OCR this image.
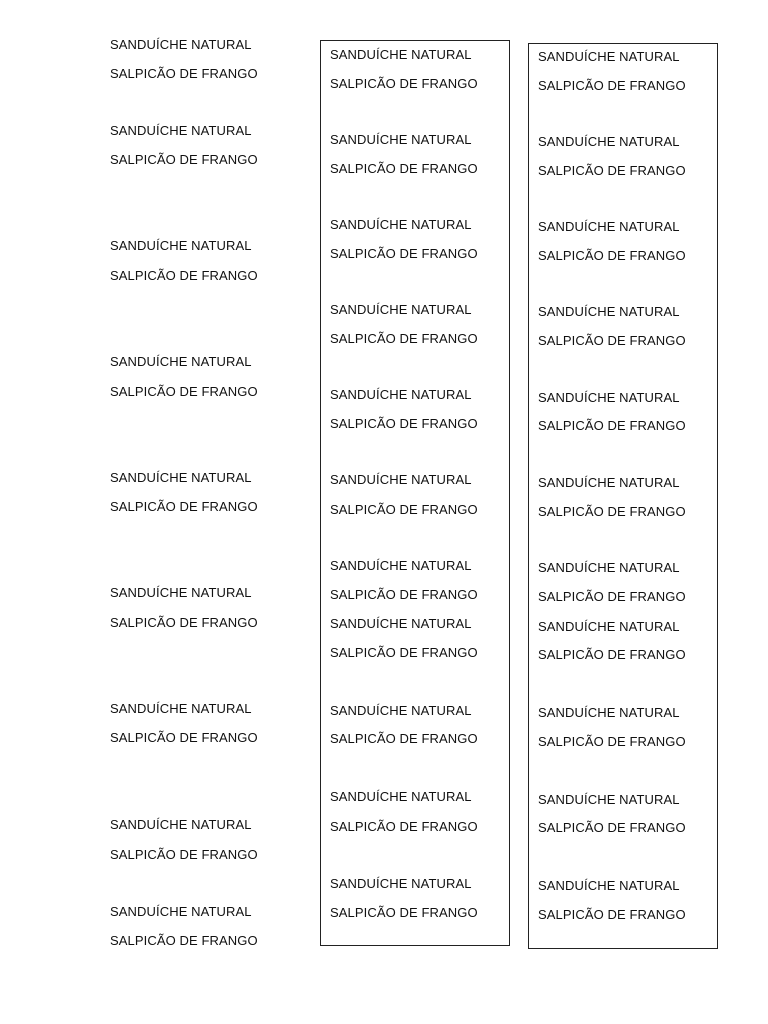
SANDUÍCHE NATURAL
SALPICÃO DE FRANGO
SANDUÍCHE NATURAL
SALPICÃO DE FRANGO
SANDUÍCHE NATURAL
SALPICÃO DE FRANGO
SANDUÍCHE NATURAL
SALPICÃO DE FRANGO
SANDUÍCHE NATURAL
SALPICÃO DE FRANGO
SANDUÍCHE NATURAL
SALPICÃO DE FRANGO
SANDUÍCHE NATURAL
SALPICÃO DE FRANGO
SANDUÍCHE NATURAL
SALPICÃO DE FRANGO
SANDUÍCHE NATURAL
SALPICÃO DE FRANGO
SANDUÍCHE NATURAL
SALPICÃO DE FRANGO
SANDUÍCHE NATURAL
SALPICÃO DE FRANGO
SANDUÍCHE NATURAL
SALPICÃO DE FRANGO
SANDUÍCHE NATURAL
SALPICÃO DE FRANGO
SANDUÍCHE NATURAL
SALPICÃO DE FRANGO
SANDUÍCHE NATURAL
SALPICÃO DE FRANGO
SANDUÍCHE NATURAL
SALPICÃO DE FRANGO
SANDUÍCHE NATURAL
SALPICÃO DE FRANGO
SANDUÍCHE NATURAL
SALPICÃO DE FRANGO
SANDUÍCHE NATURAL
SALPICÃO DE FRANGO
SANDUÍCHE NATURAL
SALPICÃO DE FRANGO
SANDUÍCHE NATURAL
SALPICÃO DE FRANGO
SANDUÍCHE NATURAL
SALPICÃO DE FRANGO
SANDUÍCHE NATURAL
SALPICÃO DE FRANGO
SANDUÍCHE NATURAL
SALPICÃO DE FRANGO
SANDUÍCHE NATURAL
SALPICÃO DE FRANGO
SANDUÍCHE NATURAL
SALPICÃO DE FRANGO
SANDUÍCHE NATURAL
SALPICÃO DE FRANGO
SANDUÍCHE NATURAL
SALPICÃO DE FRANGO
SANDUÍCHE NATURAL
SALPICÃO DE FRANGO
SANDUÍCHE NATURAL
SALPICÃO DE FRANGO
SANDUÍCHE NATURAL
SALPICÃO DE FRANGO
